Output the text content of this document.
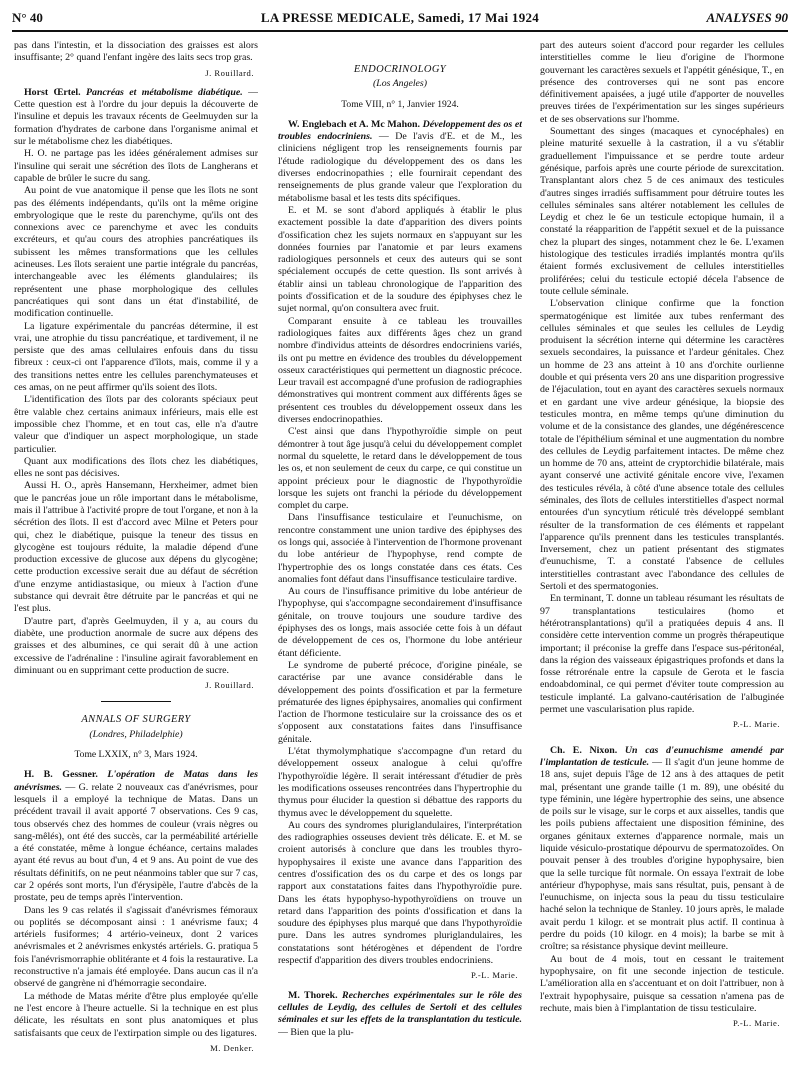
N° 40	LA PRESSE MEDICALE, Samedi, 17 Mai 1924	ANALYSES 90

pas dans l'intestin, et la dissociation des graisses est alors insuffisante; 2° quand l'enfant ingère des laits secs trop gras.

J. Rouillard.

Horst Œrtel. Pancréas et métabolisme diabétique. — Cette question est à l'ordre du jour depuis la découverte de l'insuline et depuis les travaux récents de Geelmuyden sur la formation d'hydrates de carbone dans l'organisme animal et sur le métabolisme chez les diabétiques.

H. O. ne partage pas les idées généralement admises sur l'insuline qui serait une sécrétion des îlots de Langherans et capable de brûler le sucre du sang.

Au point de vue anatomique il pense que les îlots ne sont pas des éléments indépendants, qu'ils ont la même origine embryologique que le reste du parenchyme, qu'ils ont des connexions avec ce parenchyme et avec les conduits excréteurs, et qu'au cours des atrophies pancréatiques ils subissent les mêmes transformations que les cellules acineuses. Les îlots seraient une partie intégrale du pancréas, interchangeable avec les éléments glandulaires; ils représentent une phase morphologique des cellules pancréatiques qui sont dans un état d'instabilité, de modification continuelle.

La ligature expérimentale du pancréas détermine, il est vrai, une atrophie du tissu pancréatique, et tardivement, il ne persiste que des amas cellulaires enfouis dans du tissu fibreux : ceux-ci ont l'apparence d'îlots, mais, comme il y a des transitions nettes entre les cellules parenchymateuses et ces amas, on ne peut affirmer qu'ils soient des îlots.

L'identification des îlots par des colorants spéciaux peut être valable chez certains animaux inférieurs, mais elle est impossible chez l'homme, et en tout cas, elle n'a d'autre valeur que d'indiquer un aspect morphologique, un stade particulier.

Quant aux modifications des îlots chez les diabétiques, elles ne sont pas décisives.

Aussi H. O., après Hansemann, Herxheimer, admet bien que le pancréas joue un rôle important dans le métabolisme, mais il l'attribue à l'activité propre de tout l'organe, et non à la sécrétion des îlots. Il est d'accord avec Milne et Peters pour qui, chez le diabétique, puisque la teneur des tissus en glycogène est toujours réduite, la maladie dépend d'une production excessive de glucose aux dépens du glycogène; cette production excessive serait due au défaut de sécrétion d'une enzyme antidiastasique, ou mieux à l'action d'une substance qui devrait être détruite par le pancréas et qui ne l'est plus.

D'autre part, d'après Geelmuyden, il y a, au cours du diabète, une production anormale de sucre aux dépens des graisses et des albumines, ce qui serait dû à une action excessive de l'adrénaline : l'insuline agirait favorablement en diminuant ou en supprimant cette production de sucre.

J. Rouillard.
ANNALS OF SURGERY
(Londres, Philadelphie)
Tome LXXIX, n° 3, Mars 1924.

H. B. Gessner. L'opération de Matas dans les anévrismes. — G. relate 2 nouveaux cas d'anévrismes, pour lesquels il a employé la technique de Matas. Dans un précédent travail il avait apporté 7 observations. Ces 9 cas, tous observés chez des hommes de couleur (vrais nègres ou sang-mêlés), ont été des succès, car la perméabilité artérielle a été constatée, même à longue échéance, certains malades ayant été revus au bout d'un, 4 et 9 ans. Au point de vue des résultats définitifs, on ne peut néanmoins tabler que sur 7 cas, car 2 opérés sont morts, l'un d'érysipèle, l'autre d'abcès de la prostate, peu de temps après l'intervention.

Dans les 9 cas relatés il s'agissait d'anévrismes fémoraux ou poplités se décomposant ainsi : 1 anévrisme faux; 4 artériels fusiformes; 4 artério-veineux, dont 2 varices anévrismales et 2 anévrismes enkystés artériels. G. pratiqua 5 fois l'anévrismorraphie oblitérante et 4 fois la restaurative. La reconstructive n'a jamais été employée. Dans aucun cas il n'a observé de gangrène ni d'hémorragie secondaire.

La méthode de Matas mérite d'être plus employée qu'elle ne l'est encore à l'heure actuelle. Si la technique en est plus délicate, les résultats en sont plus anatomiques et plus satisfaisants que ceux de l'extirpation simple ou des ligatures.

M. Denker.
ENDOCRINOLOGY
(Los Angeles)
Tome VIII, n° 1, Janvier 1924.

W. Englebach et A. Mc Mahon. Développement des os et troubles endocriniens. — De l'avis d'E. et de M., les cliniciens négligent trop les renseignements fournis par l'étude radiologique du développement des os dans les diverses endocrinopathies ; elle fournirait cependant des renseignements de plus grande valeur que l'exploration du métabolisme basal et les tests dits spécifiques.

E. et M. se sont d'abord appliqués à établir le plus exactement possible la date d'apparition des divers points d'ossification chez les sujets normaux en s'appuyant sur les données fournies par l'anatomie et par leurs examens radiologiques personnels et ceux des auteurs qui se sont spécialement occupés de cette question. Ils sont arrivés à établir ainsi un tableau chronologique de l'apparition des points d'ossification et de la soudure des épiphyses chez le sujet normal, qu'on consultera avec fruit.

Comparant ensuite à ce tableau les trouvailles radiologiques faites aux différents âges chez un grand nombre d'individus atteints de désordres endocriniens variés, ils ont pu mettre en évidence des troubles du développement osseux caractéristiques qui permettent un diagnostic précoce. Leur travail est accompagné d'une profusion de radiographies démonstratives qui montrent comment aux différents âges se présentent ces troubles du développement osseux dans les diverses endocrinopathies.

C'est ainsi que dans l'hypothyroïdie simple on peut démontrer à tout âge jusqu'à celui du développement complet normal du squelette, le retard dans le développement de tous les os, et non seulement de ceux du carpe, ce qui constitue un appoint précieux pour le diagnostic de l'hypothyroïdie lorsque les sujets ont franchi la période du développement complet du carpe.

Dans l'insuffisance testiculaire et l'eunuchisme, on rencontre constamment une union tardive des épiphyses des os longs qui, associée à l'intervention de l'hormone provenant du lobe antérieur de l'hypophyse, rend compte de l'hypertrophie des os longs constatée dans ces états. Ces anomalies font défaut dans l'insuffisance testiculaire tardive.

Au cours de l'insuffisance primitive du lobe antérieur de l'hypophyse, qui s'accompagne secondairement d'insuffisance génitale, on trouve toujours une soudure tardive des épiphyses des os longs, mais associée cette fois à un défaut de développement de ces os, l'hormone du lobe antérieur étant déficiente.

Le syndrome de puberté précoce, d'origine pinéale, se caractérise par une avance considérable dans le développement des points d'ossification et par la fermeture prématurée des lignes épiphysaires, anomalies qui confirment l'action de l'hormone testiculaire sur la croissance des os et s'opposent aux constatations faites dans l'insuffisance génitale.

L'état thymolymphatique s'accompagne d'un retard du développement osseux analogue à celui qu'offre l'hypothyroïdie légère. Il serait intéressant d'étudier de près les modifications osseuses rencontrées dans l'hypertrophie du thymus pour élucider la question si débattue des rapports du thymus avec le développement du squelette.

Au cours des syndromes pluriglandulaires, l'interprétation des radiographies osseuses devient très délicate. E. et M. se croient autorisés à conclure que dans les troubles thyro-hypophysaires il existe une avance dans l'apparition des centres d'ossification des os du carpe et des os longs par rapport aux constatations faites dans l'hypothyroïdie pure. Dans les états hypophyso-hypothyroïdiens on trouve un retard dans l'apparition des points d'ossification et dans la soudure des épiphyses plus marqué que dans l'hypothyroïdie pure. Dans les autres syndromes pluriglandulaires, les constatations sont hétérogènes et dépendent de l'ordre respectif d'apparition des divers troubles endocriniens.

P.-L. Marie.

M. Thorek. Recherches expérimentales sur le rôle des cellules de Leydig, des cellules de Sertoli et des cellules séminales et sur les effets de la transplantation du testicule. — Bien que la plu-

part des auteurs soient d'accord pour regarder les cellules interstitielles comme le lieu d'origine de l'hormone gouvernant les caractères sexuels et l'appétit génésique, T., en présence des controverses qui ne sont pas encore définitivement apaisées, a jugé utile d'apporter de nouvelles preuves tirées de l'expérimentation sur les singes supérieurs et de ses observations sur l'homme.

Soumettant des singes (macaques et cynocéphales) en pleine maturité sexuelle à la castration, il a vu s'établir graduellement l'impuissance et se perdre toute ardeur génésique, parfois après une courte période de surexcitation. Transplantant alors chez 5 de ces animaux des testicules d'autres singes irradiés suffisamment pour détruire toutes les cellules séminales sans altérer notablement les cellules de Leydig et chez le 6e un testicule ectopique humain, il a constaté la réapparition de l'appétit sexuel et de la puissance chez la plupart des singes, notamment chez le 6e. L'examen histologique des testicules irradiés implantés montra qu'ils étaient formés exclusivement de cellules interstitielles proliférées; celui du testicule ectopié décela l'absence de toute cellule séminale.

L'observation clinique confirme que la fonction spermatogénique est limitée aux tubes renfermant des cellules séminales et que seules les cellules de Leydig produisent la sécrétion interne qui détermine les caractères sexuels secondaires, la puissance et l'ardeur génitales. Chez un homme de 23 ans atteint à 10 ans d'orchite ourlienne double et qui présenta vers 20 ans une disparition progressive de l'éjaculation, tout en ayant des caractères sexuels normaux et en gardant une vive ardeur génésique, la biopsie des testicules montra, en même temps qu'une diminution du volume et de la consistance des glandes, une dégénérescence totale de l'épithélium séminal et une augmentation du nombre des cellules de Leydig parfaitement intactes. De même chez un homme de 70 ans, atteint de cryptorchidie bilatérale, mais ayant conservé une activité génitale encore vive, l'examen des testicules révéla, à côté d'une absence totale des cellules séminales, des îlots de cellules interstitielles d'aspect normal entourées d'un syncytium réticulé très développé semblant résulter de la transformation de ces éléments et rappelant l'apparence qu'ils prennent dans les testicules transplantés. Inversement, chez un patient présentant des stigmates d'eunuchisme, T. a constaté l'absence de cellules interstitielles contrastant avec l'abondance des cellules de Sertoli et des spermatogonies.

En terminant, T. donne un tableau résumant les résultats de 97 transplantations testiculaires (homo et hétérotransplantations) qu'il a pratiquées depuis 4 ans. Il considère cette intervention comme un progrès thérapeutique important; il préconise la greffe dans l'espace sus-péritonéal, dans la région des vaisseaux épigastriques profonds et dans la fosse rétrorénale entre la capsule de Gerota et le fascia endoabdominal, ce qui permet d'éviter toute compression au testicule implanté. La galvano-cautérisation de l'albuginée permet une vascularisation plus rapide.

P.-L. Marie.

Ch. E. Nixon. Un cas d'eunuchisme amendé par l'implantation de testicule. — Il s'agit d'un jeune homme de 18 ans, sujet depuis l'âge de 12 ans à des attaques de petit mal, présentant une grande taille (1 m. 89), une obésité du type féminin, une légère hypertrophie des seins, une absence de poils sur le visage, sur le corps et aux aisselles, tandis que les poils pubiens affectaient une disposition féminine, des organes génitaux externes d'apparence normale, mais un liquide vésiculo-prostatique dépourvu de spermatozoïdes. On pouvait penser à des troubles d'origine hypophysaire, bien que la selle turcique fût normale. On essaya l'extrait de lobe antérieur d'hypophyse, mais sans résultat, puis, pensant à de l'eunuchisme, on injecta sous la peau du tissu testiculaire haché selon la technique de Stanley. 10 jours après, le malade avait perdu 1 kilogr. et se montrait plus actif. Il continua à perdre du poids (10 kilogr. en 4 mois); la barbe se mit à croître; sa résistance physique devint meilleure.

Au bout de 4 mois, tout en cessant le traitement hypophysaire, on fit une seconde injection de testicule. L'amélioration alla en s'accentuant et on doit l'attribuer, non à l'extrait hypophysaire, puisque sa cessation n'amena pas de rechute, mais bien à l'implantation de tissu testiculaire.

P.-L. Marie.
